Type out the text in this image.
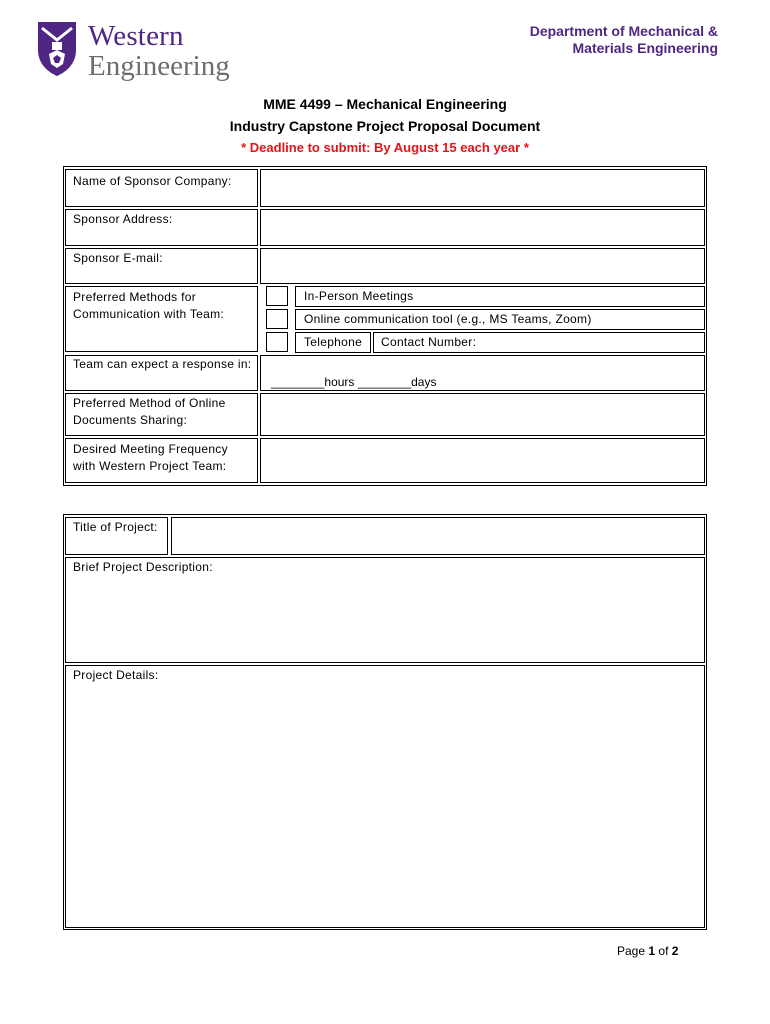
Western
Engineering
Department of Mechanical &
Materials Engineering
MME 4499 – Mechanical Engineering
Industry Capstone Project Proposal Document
* Deadline to submit: By August 15 each year *
Name of Sponsor Company:
Sponsor Address:
Sponsor E-mail:
Preferred Methods for
Communication with Team:
In-Person Meetings
Online communication tool (e.g., MS Teams, Zoom)
Telephone Contact Number:
Team can expect a response in:
________hours ________days
Preferred Method of Online
Documents Sharing:
Desired Meeting Frequency
with Western Project Team:
Title of Project:
Brief Project Description:
Project Details:
Page 1 of 2
